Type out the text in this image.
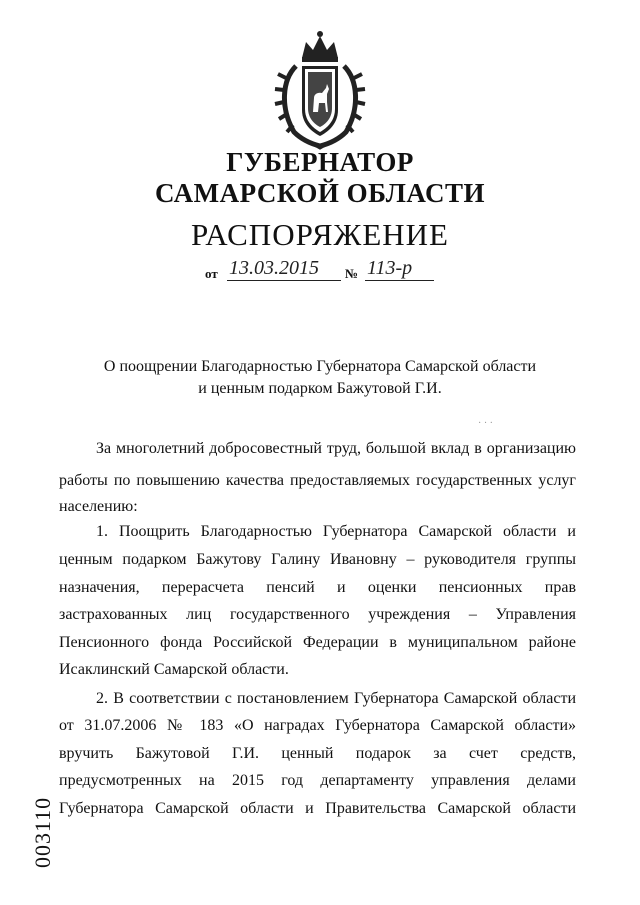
ГУБЕРНАТОР
САМАРСКОЙ ОБЛАСТИ
РАСПОРЯЖЕНИЕ
от 13.03.2015	№ 113-р
О поощрении Благодарностью Губернатора Самарской области
и ценным подарком Бажутовой Г.И.
· · ·
За многолетний добросовестный труд, большой вклад в организацию
работы по повышению качества предоставляемых государственных услуг
населению:
1. Поощрить Благодарностью Губернатора Самарской области и
ценным подарком Бажутову Галину Ивановну – руководителя группы
назначения, перерасчета пенсий и оценки пенсионных прав
застрахованных лиц государственного учреждения – Управления
Пенсионного фонда Российской Федерации в муниципальном районе
Исаклинский Самарской области.
2. В соответствии с постановлением Губернатора Самарской области
от 31.07.2006 № 183 «О наградах Губернатора Самарской области»
вручить Бажутовой Г.И. ценный подарок за счет средств,
предусмотренных на 2015 год департаменту управления делами
Губернатора Самарской области и Правительства Самарской области
003110
